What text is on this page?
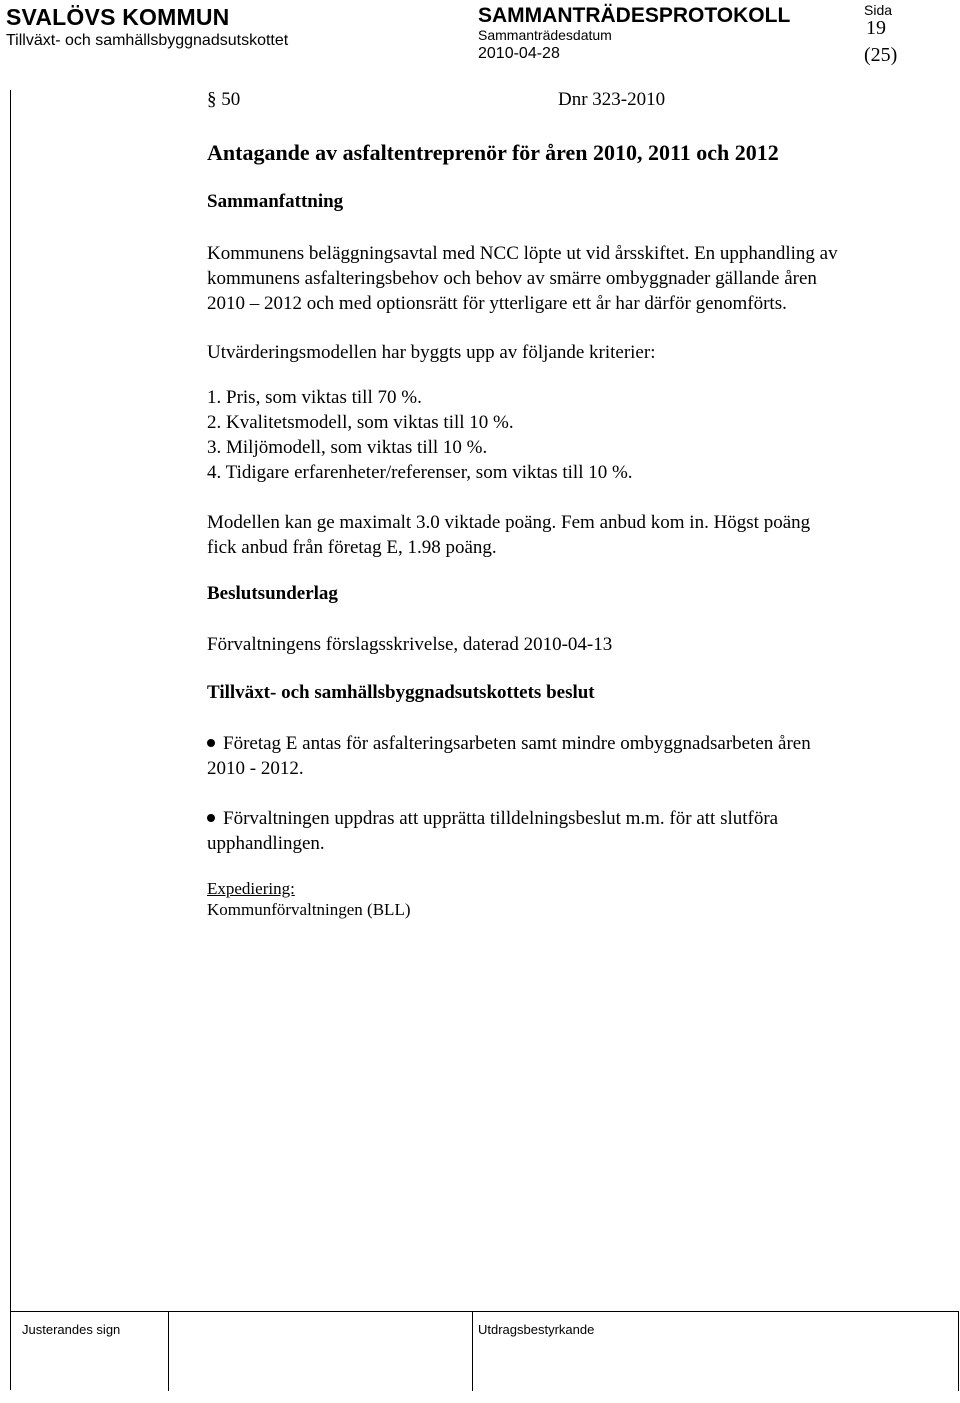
SVALÖVS KOMMUN
Tillväxt- och samhällsbyggnadsutskottet
SAMMANTRÄDESPROTOKOLL
Sammanträdesdatum
2010-04-28
Sida
19
(25)
§ 50	Dnr 323-2010
Antagande av asfaltentreprenör för åren 2010, 2011 och 2012
Sammanfattning
Kommunens beläggningsavtal med NCC löpte ut vid årsskiftet. En upphandling av
kommunens asfalteringsbehov och behov av smärre ombyggnader gällande åren
2010 – 2012 och med optionsrätt för ytterligare ett år har därför genomförts.
Utvärderingsmodellen har byggts upp av följande kriterier:
1. Pris, som viktas till 70 %.
2. Kvalitetsmodell, som viktas till 10 %.
3. Miljömodell, som viktas till 10 %.
4. Tidigare erfarenheter/referenser, som viktas till 10 %.
Modellen kan ge maximalt 3.0 viktade poäng. Fem anbud kom in. Högst poäng
fick anbud från företag E, 1.98 poäng.
Beslutsunderlag
Förvaltningens förslagsskrivelse, daterad 2010-04-13
Tillväxt- och samhällsbyggnadsutskottets beslut
Företag E antas för asfalteringsarbeten samt mindre ombyggnadsarbeten åren
2010 - 2012.
Förvaltningen uppdras att upprätta tilldelningsbeslut m.m. för att slutföra
upphandlingen.
Expediering:
Kommunförvaltningen (BLL)
Justerandes sign	Utdragsbestyrkande
